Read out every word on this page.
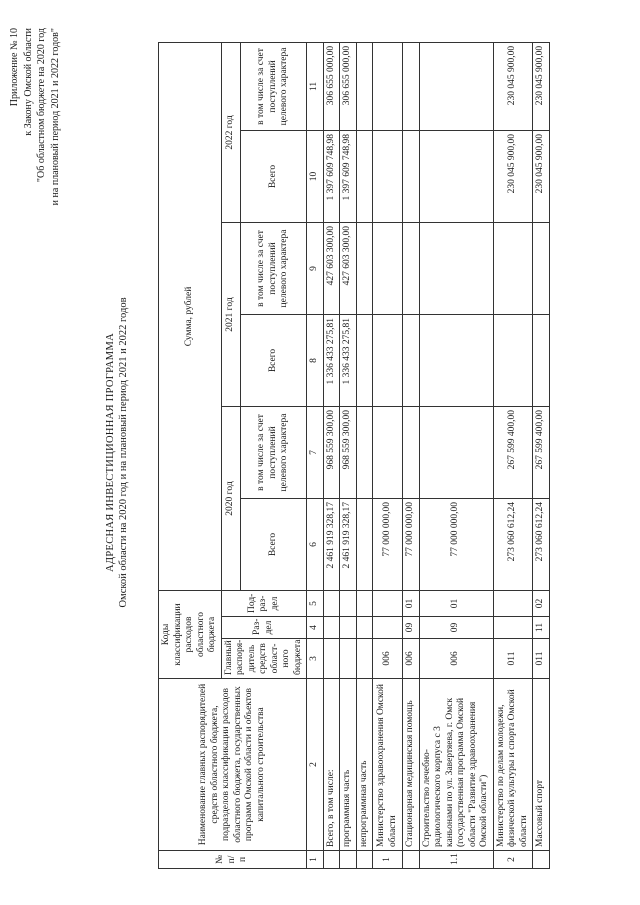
Приложение № 10 к Закону Омской области "Об областном бюджете на 2020 год и на плановый период 2021 и 2022 годов"
АДРЕСНАЯ ИНВЕСТИЦИОННАЯ ПРОГРАММА Омской области на 2020 год и на плановый период 2021 и 2022 годов
№ п/п	Наименование главных распорядителей средств областного бюджета, подразделов классификации расходов областного бюджета, государственных программ Омской области и объектов капитального строительства	Коды классификации расходов областного бюджета			Сумма, рублей					
		Главный распоря-дитель средств област-ного бюджета	Раз-дел	Под-раз-дел	2020 год		2021 год		2022 год	
					Всего	в том числе за счет поступлений целевого характера	Всего	в том числе за счет поступлений целевого характера	Всего	в том числе за счет поступлений целевого характера
1	2	3	4	5	6	7	8	9	10	11
	Всего, в том числе:				2 461 919 328,17	968 559 300,00	1 336 433 275,81	427 603 300,00	1 397 609 748,98	306 655 000,00
	программная часть				2 461 919 328,17	968 559 300,00	1 336 433 275,81	427 603 300,00	1 397 609 748,98	306 655 000,00
	непрограммная часть									
1	Министерство здравоохранения Омской области	006			77 000 000,00					
	Стационарная медицинская помощь	006	09	01	77 000 000,00					
1.1	Строительство лечебно-радиологического корпуса с 3 каньонами по ул. Завертяева, г. Омск (государственная программа Омской области "Развитие здравоохранения Омской области")	006	09	01	77 000 000,00					
2	Министерство по делам молодежи, физической культуры и спорта Омской области	011			273 060 612,24	267 599 400,00			230 045 900,00	230 045 900,00
	Массовый спорт	011	11	02	273 060 612,24	267 599 400,00			230 045 900,00	230 045 900,00
